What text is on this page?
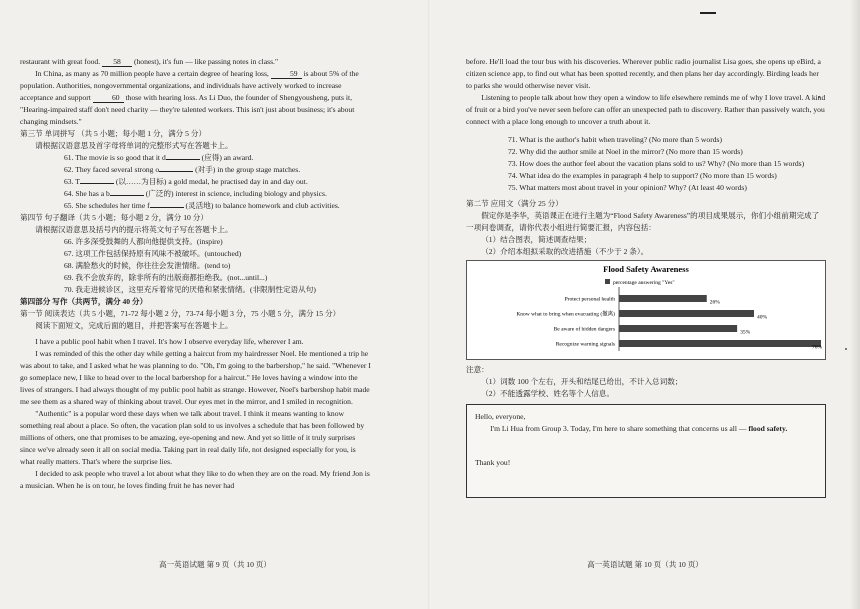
restaurant with great food. 58 (honest), it's fun — like passing notes in class."

In China, as many as 70 million people have a certain degree of hearing loss,	59 is about 5% of the population. Authorities, nongovernmental organizations, and individuals have actively worked to increase acceptance and support	60 those with hearing loss. As Li Duo, the founder of Shengyousheng, puts it, "Hearing-impaired staff don't need charity — they're talented workers. This isn't just about business; it's about changing mindsets."

第三节 单词拼写 （共 5 小题；每小题 1 分，满分 5 分）

请根据汉语意思及首字母将单词的完整形式写在答题卡上。

61. The movie is so good that it d	(应得) an award.

62. They faced several strong o	(对手) in the group stage matches.

63. T	(以……为目标) a gold medal, he practised day in and day out.

64. She has a b	(广泛的) interest in science, including biology and physics.

65. She schedules her time f	(灵活地) to balance homework and club activities.

第四节 句子翻译（共 5 小题；每小题 2 分，满分 10 分）

请根据汉语意思及括号内的提示将英文句子写在答题卡上。

66. 许多深受鼓舞的人都向他提供支持。(inspire)

67. 这项工作包括保持原有风味不被破坏。(untouched)

68. 满脸愁火的时候，你往往会发泄情绪。(tend to)

69. 我不会放弃的，除非所有的出版商都拒绝我。(not...until...)

70. 我走进候诊区，这里充斥着常见的厌倦和紧张情绪。(非限制性定语从句)

第四部分 写作（共两节，满分 40 分）

第一节 阅读表达（共 5 小题，71-72 每小题 2 分，73-74 每小题 3 分，75 小题 5 分，满分 15 分）

阅读下面短文，完成后面的题目，并把答案写在答题卡上。

I have a public pool habit when I travel. It's how I observe everyday life, wherever I am.

I was reminded of this the other day while getting a haircut from my hairdresser Noel. He mentioned a trip he was about to take, and I asked what he was planning to do. "Oh, I'm going to the barbershop," he said. "Whenever I go someplace new, I like to head over to the local barbershop for a haircut." He loves having a window into the lives of strangers. I had always thought of my public pool habit as strange. However, Noel's barbershop habit made me see them as a shared way of thinking about travel. Our eyes met in the mirror, and I smiled in recognition.

"Authentic" is a popular word these days when we talk about travel. I think it means wanting to know something real about a place. So often, the vacation plan sold to us involves a schedule that has been followed by millions of others, one that promises to be amazing, eye-opening and new. And yet so little of it truly surprises since we've already seen it all on social media. Taking part in real daily life, not designed especially for you, is what really matters. That's where the surprise lies.

I decided to ask people who travel a lot about what they like to do when they are on the road. My friend Jon is a musician. When he is on tour, he loves finding fruit he has never had

高一英语试题 第 9 页（共 10 页）

before. He'll load the tour bus with his discoveries. Wherever public radio journalist Lisa goes, she opens up eBird, a citizen science app, to find out what has been spotted recently, and then plans her day accordingly. Birding leads her to parks she would otherwise never visit.

Listening to people talk about how they open a window to life elsewhere reminds me of why I love travel. A kind of fruit or a bird you've never seen before can offer an unexpected path to discovery. Rather than passively watch, you connect with a place long enough to uncover a truth about it.

71. What is the author's habit when traveling? (No more than 5 words)

72. Why did the author smile at Noel in the mirror? (No more than 15 words)

73. How does the author feel about the vacation plans sold to us? Why? (No more than 15 words)

74. What idea do the examples in paragraph 4 help to support? (No more than 15 words)

75. What matters most about travel in your opinion? Why? (At least 40 words)

第二节 应用文（满分 25 分）

假定你是李华，英语课正在进行主题为“Flood Safety Awareness”的项目成果展示，你们小组前期完成了一项问卷调查，请你代表小组进行简要汇报，内容包括：

（1）结合图表，简述调查结果；

（2）介绍本组拟采取的改进措施（不少于 2 条）。

Flood Safety Awareness
percentage answering "Yes"
Protect personal health	26%
Know what to bring when evacuating (撤离)	40%
Be aware of hidden dangers	35%
Recognize warning signals	76%

注意：

（1）词数 100 个左右，开头和结尾已给出，不计入总词数；

（2）不能透露学校、姓名等个人信息。

Hello, everyone,

I'm Li Hua from Group 3. Today, I'm here to share something that concerns us all — flood safety.

Thank you!

高一英语试题 第 10 页（共 10 页）
